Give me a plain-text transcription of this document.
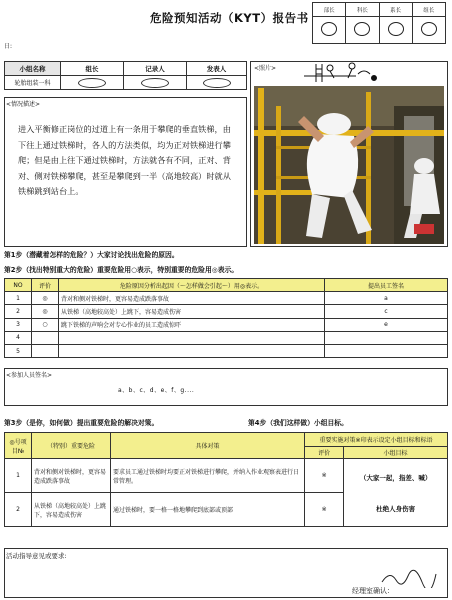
危险预知活动（KYT）报告书
部长	科长	系长	组长

日:
小组名称	组长	记录人	发表人
轮胎组装一科			
<情况描述>
进入平衡修正岗位的过道上有一条用于攀爬的垂直铁梯，由下往上通过铁梯时，各人的方法类似，均为正对铁梯进行攀爬；但是由上往下通过铁梯时，方法就各有不同，正对、背对、侧对铁梯攀爬，甚至是攀爬到一半（高地较高）时就从铁梯跳到站台上。
<照片>
第1步（潜藏着怎样的危险？）大家讨论找出危险的原因。
第2步（找出特别重大的危险）重要危险用○表示，特别重要的危险用◎表示。
NO	评价	危险原因分析出起因（～怎样做会引起～）用◎表示。	提出员工签名
1	◎	背对和侧对铁梯时，更容易造成跌落事故	a
2	◎	从铁梯（高地较高处）上跳下，容易造成伤害	c
3	○	跳下铁梯的声响会对专心作业的员工造成惊吓	e
4			
5			
<参加人员签名>
a、b、c、d、e、f、g....
第3步（是你，如何做）提出重要危险的解决对策。	第4步（我们这样做）小组目标。
◎号项目№	（特别）重要危险	具体对策	重要实施对策※印表示设定小组目标和标语	
			评价	小组目标
1	背对和侧对铁梯时，更容易造成跌落事故	要求员工通过铁梯时均要正对铁梯进行攀爬，并纳入作业观察表进行日常管理。	※	（大家一起，指差、喊）
杜绝人身伤害

2	从铁梯（高地较高处）上跳下，容易造成伤害	通过铁梯时，要一格一格地攀爬到底部或顶部	※	
活动指导意见或要求:
经理室确认：
